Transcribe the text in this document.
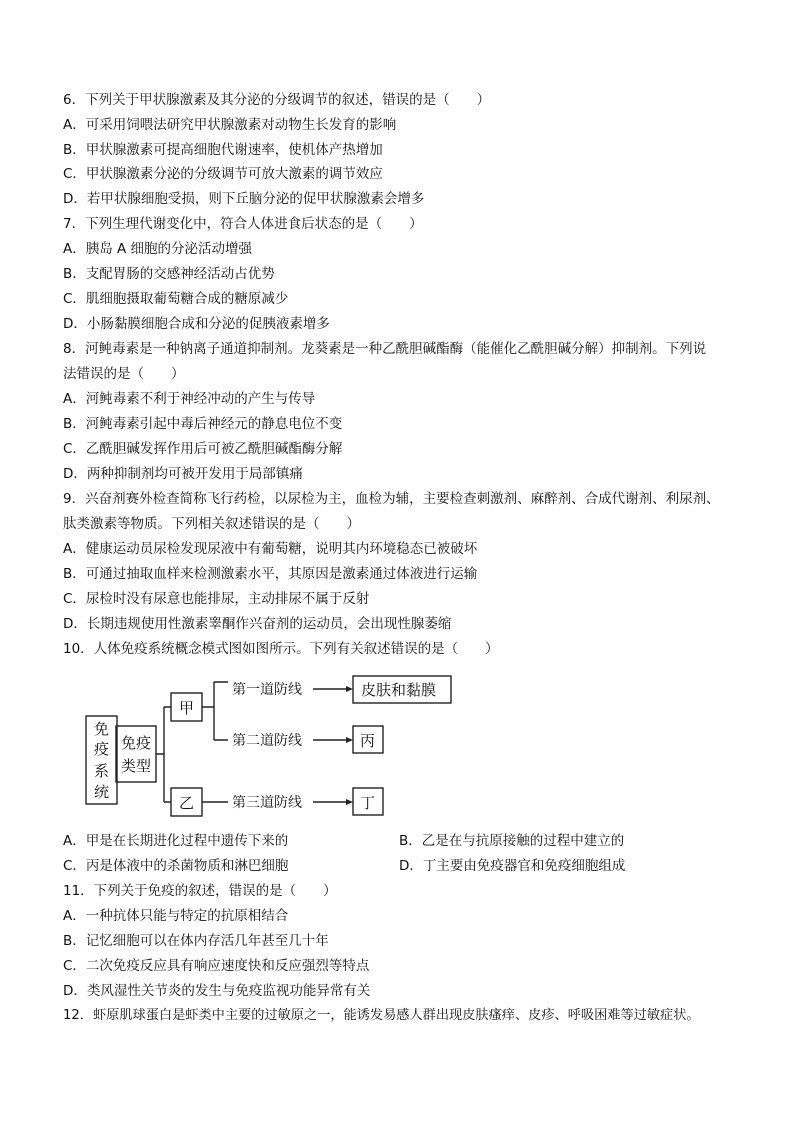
6．下列关于甲状腺激素及其分泌的分级调节的叙述，错误的是（　　）
A．可采用饲喂法研究甲状腺激素对动物生长发育的影响
B．甲状腺激素可提高细胞代谢速率，使机体产热增加
C．甲状腺激素分泌的分级调节可放大激素的调节效应
D．若甲状腺细胞受损，则下丘脑分泌的促甲状腺激素会增多
7．下列生理代谢变化中，符合人体进食后状态的是（　　）
A．胰岛 A 细胞的分泌活动增强
B．支配胃肠的交感神经活动占优势
C．肌细胞摄取葡萄糖合成的糖原减少
D．小肠黏膜细胞合成和分泌的促胰液素增多
8．河鲀毒素是一种钠离子通道抑制剂。龙葵素是一种乙酰胆碱酯酶（能催化乙酰胆碱分解）抑制剂。下列说
法错误的是（　　）
A．河鲀毒素不利于神经冲动的产生与传导
B．河鲀毒素引起中毒后神经元的静息电位不变
C．乙酰胆碱发挥作用后可被乙酰胆碱酯酶分解
D．两种抑制剂均可被开发用于局部镇痛
9．兴奋剂赛外检查简称飞行药检，以尿检为主，血检为辅，主要检查刺激剂、麻醉剂、合成代谢剂、利尿剂、
肽类激素等物质。下列相关叙述错误的是（　　）
A．健康运动员尿检发现尿液中有葡萄糖，说明其内环境稳态已被破坏
B．可通过抽取血样来检测激素水平，其原因是激素通过体液进行运输
C．尿检时没有尿意也能排尿，主动排尿不属于反射
D．长期违规使用性激素睾酮作兴奋剂的运动员，会出现性腺萎缩
10．人体免疫系统概念模式图如图所示。下列有关叙述错误的是（　　）
免
疫
系
统
免疫
类型
甲
乙
皮肤和黏膜
丙
丁
第一道防线
第二道防线
第三道防线
A．甲是在长期进化过程中遗传下来的	B．乙是在与抗原接触的过程中建立的
C．丙是体液中的杀菌物质和淋巴细胞	D．丁主要由免疫器官和免疫细胞组成
11．下列关于免疫的叙述，错误的是（　　）
A．一种抗体只能与特定的抗原相结合
B．记忆细胞可以在体内存活几年甚至几十年
C．二次免疫反应具有响应速度快和反应强烈等特点
D．类风湿性关节炎的发生与免疫监视功能异常有关
12．虾原肌球蛋白是虾类中主要的过敏原之一，能诱发易感人群出现皮肤瘙痒、皮疹、呼吸困难等过敏症状。
